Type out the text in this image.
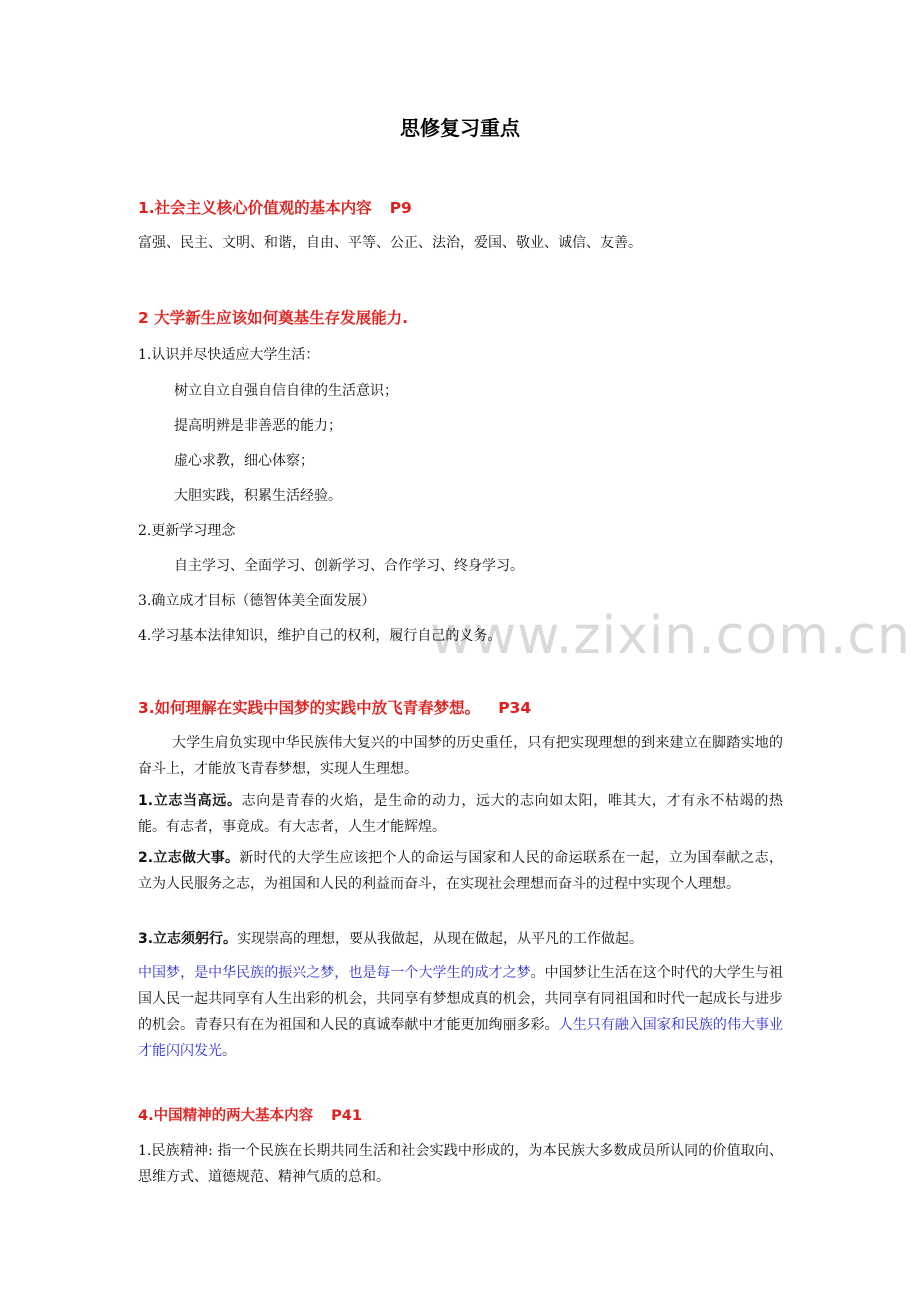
www.zixin.com.cn
思修复习重点
1.社会主义核心价值观的基本内容 P9
富强、民主、文明、和谐，自由、平等、公正、法治，爱国、敬业、诚信、友善。
2 大学新生应该如何奠基生存发展能力.
1.认识并尽快适应大学生活：
树立自立自强自信自律的生活意识；
提高明辨是非善恶的能力；
虚心求教，细心体察；
大胆实践，积累生活经验。
2.更新学习理念
自主学习、全面学习、创新学习、合作学习、终身学习。
3.确立成才目标（德智体美全面发展）
4.学习基本法律知识，维护自己的权利，履行自己的义务。
3.如何理解在实践中国梦的实践中放飞青春梦想。 P34
大学生肩负实现中华民族伟大复兴的中国梦的历史重任，只有把实现理想的到来建立在脚踏实地的奋斗上，才能放飞青春梦想，实现人生理想。
1.立志当高远。志向是青春的火焰，是生命的动力，远大的志向如太阳，唯其大，才有永不枯竭的热能。有志者，事竟成。有大志者，人生才能辉煌。
2.立志做大事。新时代的大学生应该把个人的命运与国家和人民的命运联系在一起，立为国奉献之志，立为人民服务之志，为祖国和人民的利益而奋斗，在实现社会理想而奋斗的过程中实现个人理想。
3.立志须躬行。实现崇高的理想，要从我做起，从现在做起，从平凡的工作做起。
中国梦，是中华民族的振兴之梦，也是每一个大学生的成才之梦。中国梦让生活在这个时代的大学生与祖国人民一起共同享有人生出彩的机会，共同享有梦想成真的机会，共同享有同祖国和时代一起成长与进步的机会。青春只有在为祖国和人民的真诚奉献中才能更加绚丽多彩。人生只有融入国家和民族的伟大事业才能闪闪发光。
4.中国精神的两大基本内容 P41
1.民族精神: 指一个民族在长期共同生活和社会实践中形成的，为本民族大多数成员所认同的价值取向、思维方式、道德规范、精神气质的总和。
